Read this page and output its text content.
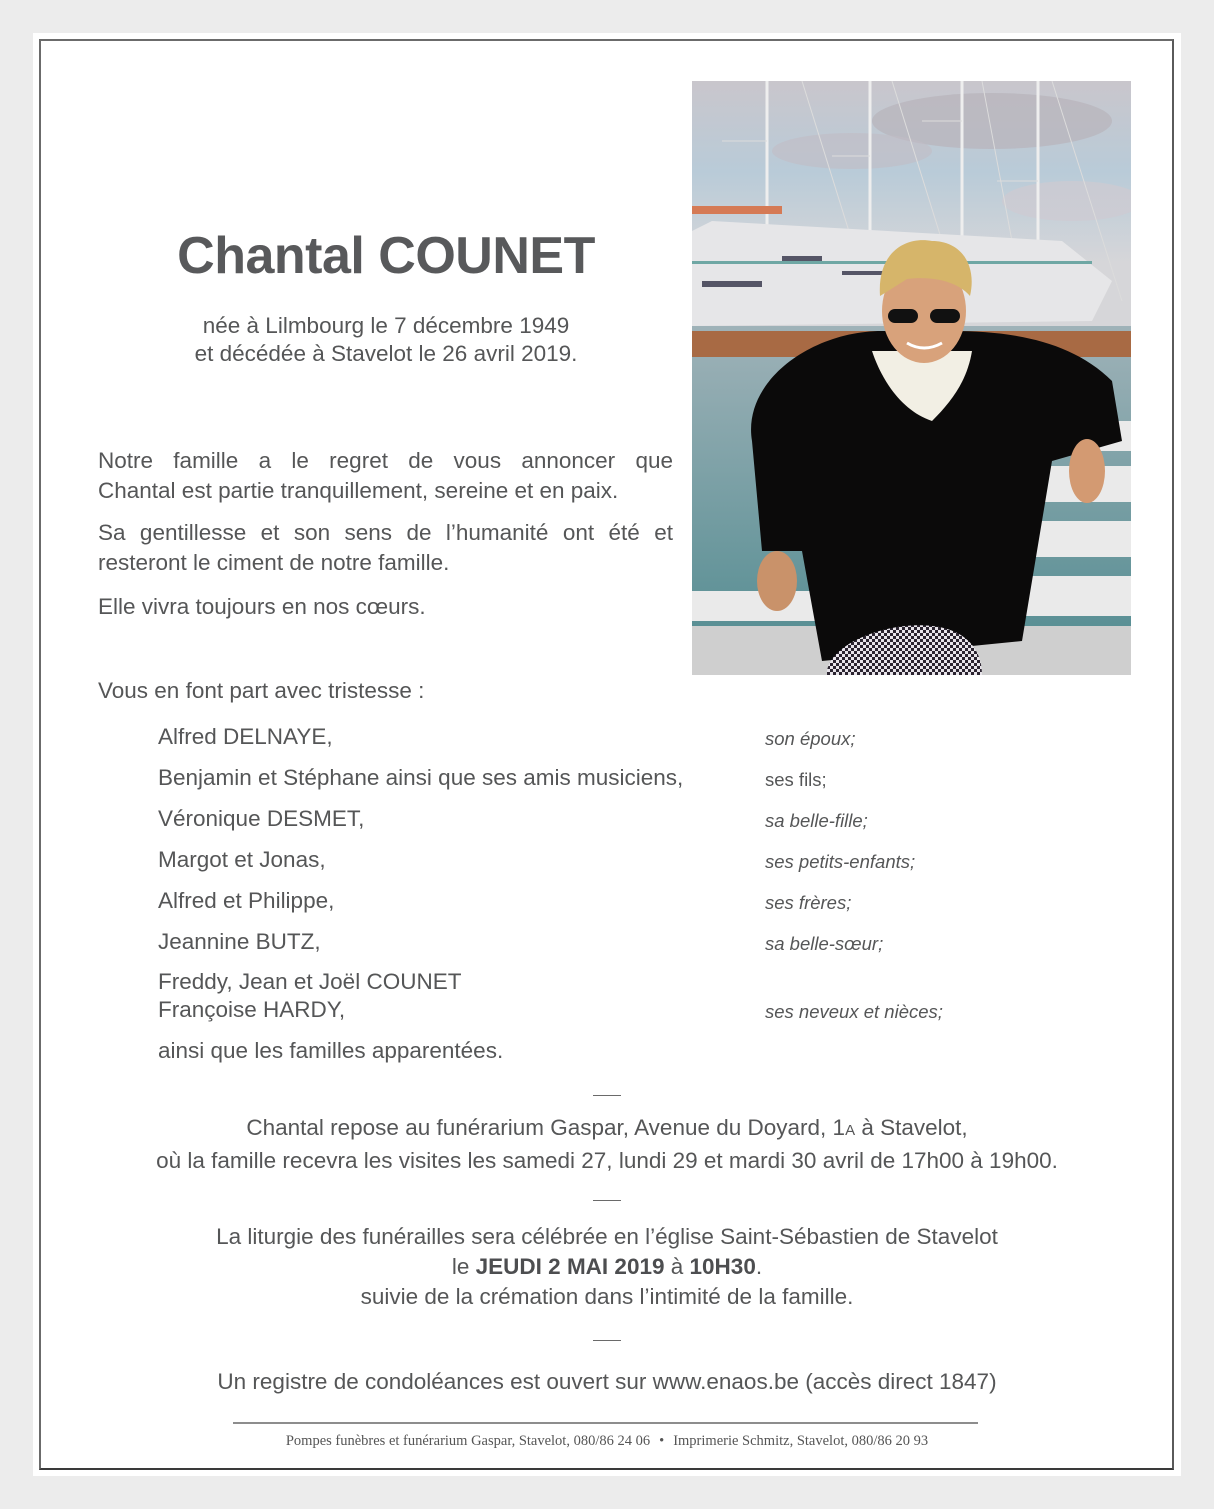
Chantal COUNET
née à Lilmbourg le 7 décembre 1949
et décédée à Stavelot le 26 avril 2019.
Notre famille a le regret de vous annoncer que
Chantal est partie tranquillement, sereine et en paix.
Sa gentillesse et son sens de l’humanité ont été et
resteront le ciment de notre famille.
Elle vivra toujours en nos cœurs.
Vous en font part avec tristesse :
Alfred DELNAYE,	son époux;
Benjamin et Stéphane ainsi que ses amis musiciens,	ses fils;
Véronique DESMET,	sa belle-fille;
Margot et Jonas,	ses petits-enfants;
Alfred et Philippe,	ses frères;
Jeannine BUTZ,	sa belle-sœur;
Freddy, Jean et Joël COUNET
Françoise HARDY,	ses neveux et nièces;
ainsi que les familles apparentées.
Chantal repose au funérarium Gaspar, Avenue du Doyard, 1A à Stavelot,
où la famille recevra les visites les samedi 27, lundi 29 et mardi 30 avril de 17h00 à 19h00.
La liturgie des funérailles sera célébrée en l’église Saint-Sébastien de Stavelot
le JEUDI 2 MAI 2019 à 10H30.
suivie de la crémation dans l’intimité de la famille.
Un registre de condoléances est ouvert sur www.enaos.be (accès direct 1847)
Pompes funèbres et funérarium Gaspar, Stavelot, 080/86 24 06 • Imprimerie Schmitz, Stavelot, 080/86 20 93
